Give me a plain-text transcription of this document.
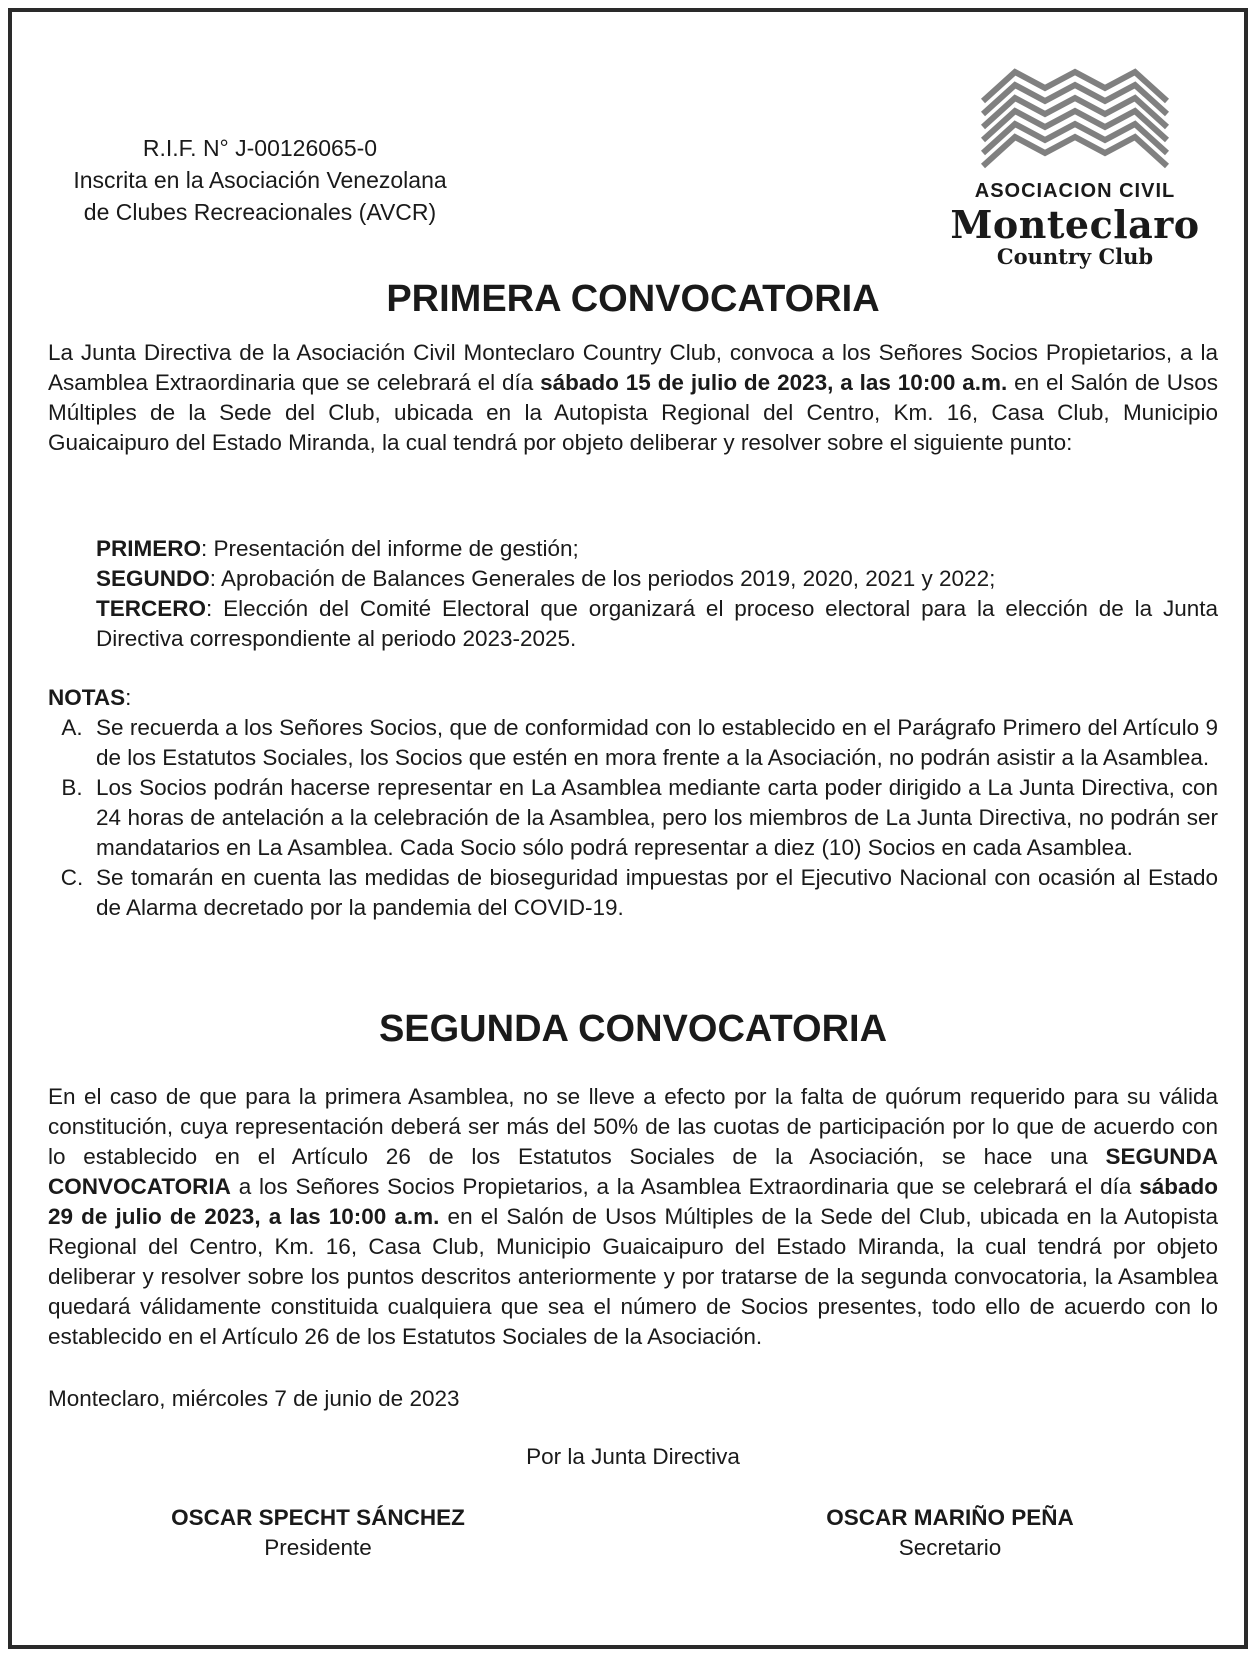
R.I.F. N° J-00126065-0
Inscrita en la Asociación Venezolana
de Clubes Recreacionales (AVCR)
ASOCIACION CIVIL
Monteclaro
Country Club
PRIMERA CONVOCATORIA

La Junta Directiva de la Asociación Civil Monteclaro Country Club, convoca a los Señores Socios Propietarios, a la Asamblea Extraordinaria que se celebrará el día sábado 15 de julio de 2023, a las 10:00 a.m. en el Salón de Usos Múltiples de la Sede del Club, ubicada en la Autopista Regional del Centro, Km. 16, Casa Club, Municipio Guaicaipuro del Estado Miranda, la cual tendrá por objeto deliberar y resolver sobre el siguiente punto:

PRIMERO: Presentación del informe de gestión;
SEGUNDO: Aprobación de Balances Generales de los periodos 2019, 2020, 2021 y 2022;
TERCERO: Elección del Comité Electoral que organizará el proceso electoral para la elección de la Junta Directiva correspondiente al periodo 2023-2025.
NOTAS:
A. Se recuerda a los Señores Socios, que de conformidad con lo establecido en el Parágrafo Primero del Artículo 9 de los Estatutos Sociales, los Socios que estén en mora frente a la Asociación, no podrán asistir a la Asamblea.
B. Los Socios podrán hacerse representar en La Asamblea mediante carta poder dirigido a La Junta Directiva, con 24 horas de antelación a la celebración de la Asamblea, pero los miembros de La Junta Directiva, no podrán ser mandatarios en La Asamblea. Cada Socio sólo podrá representar a diez (10) Socios en cada Asamblea.
C. Se tomarán en cuenta las medidas de bioseguridad impuestas por el Ejecutivo Nacional con ocasión al Estado de Alarma decretado por la pandemia del COVID-19.
SEGUNDA CONVOCATORIA

En el caso de que para la primera Asamblea, no se lleve a efecto por la falta de quórum requerido para su válida constitución, cuya representación deberá ser más del 50% de las cuotas de participación por lo que de acuerdo con lo establecido en el Artículo 26 de los Estatutos Sociales de la Asociación, se hace una SEGUNDA CONVOCATORIA a los Señores Socios Propietarios, a la Asamblea Extraordinaria que se celebrará el día sábado 29 de julio de 2023, a las 10:00 a.m. en el Salón de Usos Múltiples de la Sede del Club, ubicada en la Autopista Regional del Centro, Km. 16, Casa Club, Municipio Guaicaipuro del Estado Miranda, la cual tendrá por objeto deliberar y resolver sobre los puntos descritos anteriormente y por tratarse de la segunda convocatoria, la Asamblea quedará válidamente constituida cualquiera que sea el número de Socios presentes, todo ello de acuerdo con lo establecido en el Artículo 26 de los Estatutos Sociales de la Asociación.

Monteclaro, miércoles 7 de junio de 2023
Por la Junta Directiva
OSCAR SPECHT SÁNCHEZ
Presidente
OSCAR MARIÑO PEÑA
Secretario
